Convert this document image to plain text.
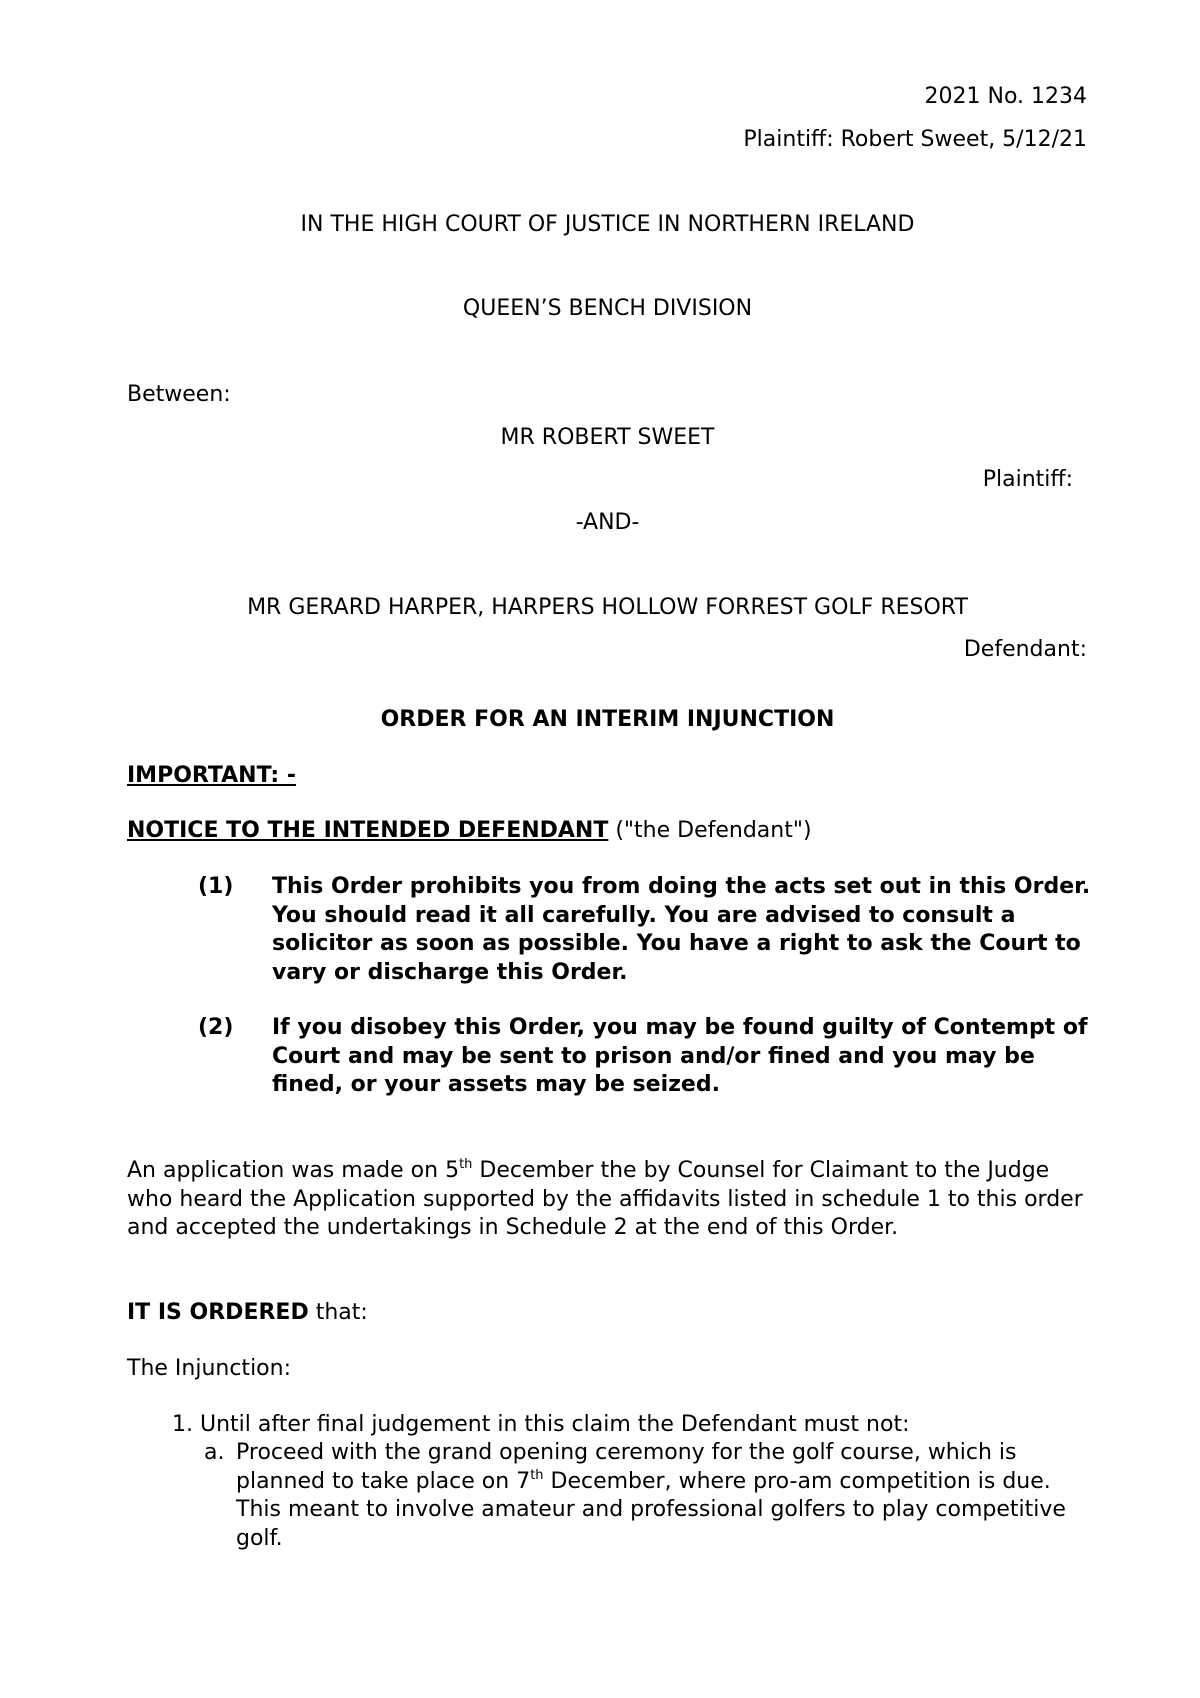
2021 No. 1234
Plaintiff: Robert Sweet, 5/12/21
IN THE HIGH COURT OF JUSTICE IN NORTHERN IRELAND
QUEEN’S BENCH DIVISION
Between:
MR ROBERT SWEET
Plaintiff:
-AND-
MR GERARD HARPER, HARPERS HOLLOW FORREST GOLF RESORT
Defendant:
ORDER FOR AN INTERIM INJUNCTION
IMPORTANT: -
NOTICE TO THE INTENDED DEFENDANT ("the Defendant")
(1) This Order prohibits you from doing the acts set out in this Order. You should read it all carefully. You are advised to consult a solicitor as soon as possible. You have a right to ask the Court to vary or discharge this Order.
(2) If you disobey this Order, you may be found guilty of Contempt of Court and may be sent to prison and/or fined and you may be fined, or your assets may be seized.
An application was made on 5th December the by Counsel for Claimant to the Judge who heard the Application supported by the affidavits listed in schedule 1 to this order and accepted the undertakings in Schedule 2 at the end of this Order.
IT IS ORDERED that:
The Injunction:
1. Until after final judgement in this claim the Defendant must not:
a. Proceed with the grand opening ceremony for the golf course, which is planned to take place on 7th December, where pro-am competition is due. This meant to involve amateur and professional golfers to play competitive golf.
